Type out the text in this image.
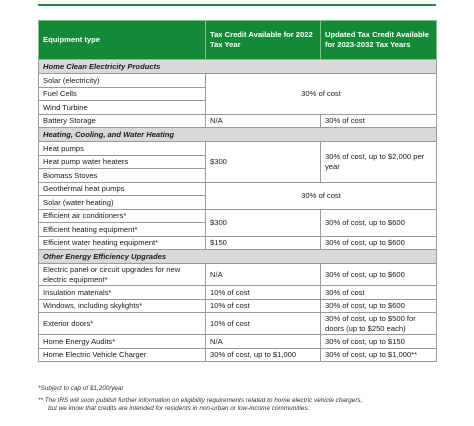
Equipment type	Tax Credit Available for 2022 Tax Year	Updated Tax Credit Available for 2023-2032 Tax Years
Home Clean Electricity Products		
Solar (electricity)	30% of cost	
Fuel Cells		
Wind Turbine		
Battery Storage	N/A	30% of cost
Heating, Cooling, and Water Heating		
Heat pumps	$300	30% of cost, up to $2,000 per year
Heat pump water heaters		
Biomass Stoves		
Geothermal heat pumps	30% of cost	
Solar (water heating)		
Efficient air conditioners*	$300	30% of cost, up to $600
Efficient heating equipment*		
Efficient water heating equipment*	$150	30% of cost, up to $600
Other Energy Efficiency Upgrades		
Electric panel or circuit upgrades for new electric equipment*	N/A	30% of cost, up to $600
Insulation materials*	10% of cost	30% of cost
Windows, including skylights*	10% of cost	30% of cost, up to $600
Exterior doors*	10% of cost	30% of cost, up to $500 for doors (up to $250 each)
Home Energy Audits*	N/A	30% of cost, up to $150
Home Electric Vehicle Charger	30% of cost, up to $1,000	30% of cost, up to $1,000**

*Subject to cap of $1,200/year

** The IRS will soon publish further information on eligibility requirements related to home electric vehicle chargers,
but we know that credits are intended for residents in non-urban or low-income communities.
